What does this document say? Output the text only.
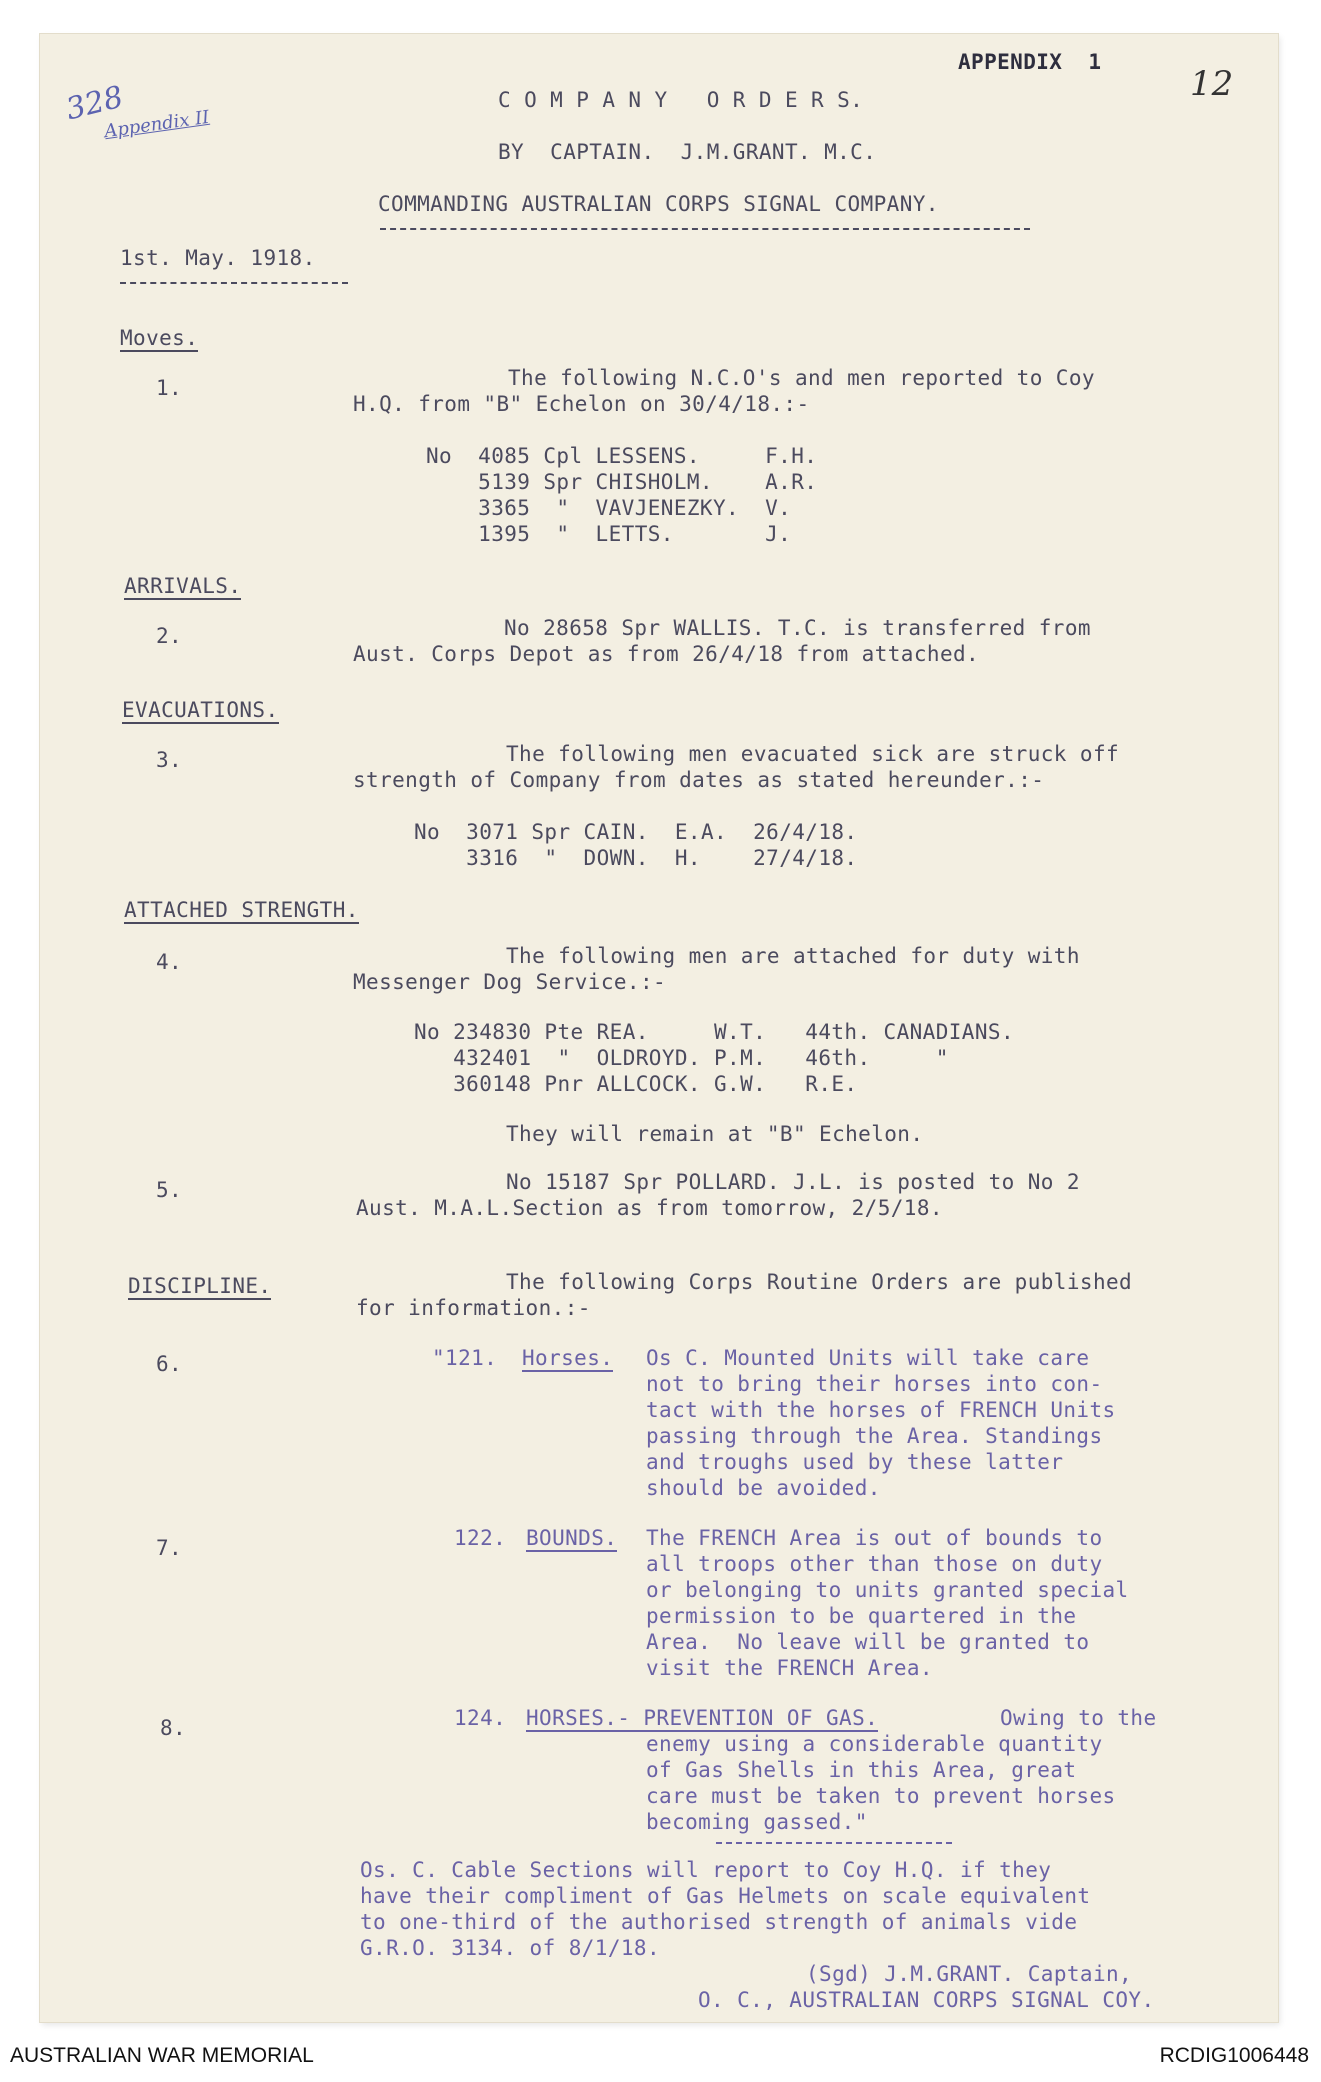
328
Appendix II
12
APPENDIX  1
C O M P A N Y   O R D E R S.
BY  CAPTAIN.  J.M.GRANT. M.C.
COMMANDING AUSTRALIAN CORPS SIGNAL COMPANY.
1st. May. 1918.
Moves.
1.	The following N.C.O's and men reported to Coy
H.Q. from "B" Echelon on 30/4/18.:-
No  4085 Cpl LESSENS.     F.H.
5139 Spr CHISHOLM.    A.R.
3365  "  VAVJENEZKY.  V.
1395  "  LETTS.       J.
ARRIVALS.
2.	No 28658 Spr WALLIS. T.C. is transferred from
Aust. Corps Depot as from 26/4/18 from attached.
EVACUATIONS.
3.	The following men evacuated sick are struck off
strength of Company from dates as stated hereunder.:-
No  3071 Spr CAIN.  E.A.  26/4/18.
3316  "  DOWN.  H.    27/4/18.
ATTACHED STRENGTH.
4.	The following men are attached for duty with
Messenger Dog Service.:-
No 234830 Pte REA.     W.T.   44th. CANADIANS.
432401  "  OLDROYD. P.M.   46th.     "
360148 Pnr ALLCOCK. G.W.   R.E.
They will remain at "B" Echelon.
5.	No 15187 Spr POLLARD. J.L. is posted to No 2
Aust. M.A.L.Section as from tomorrow, 2/5/18.
DISCIPLINE.	The following Corps Routine Orders are published
for information.:-
6.	"121. Horses. Os C. Mounted Units will take care
not to bring their horses into con-
tact with the horses of FRENCH Units
passing through the Area. Standings
and troughs used by these latter
should be avoided.
7.	122. BOUNDS. The FRENCH Area is out of bounds to
all troops other than those on duty
or belonging to units granted special
permission to be quartered in the
Area.  No leave will be granted to
visit the FRENCH Area.
8.	124. HORSES.- PREVENTION OF GAS.	Owing to the
enemy using a considerable quantity
of Gas Shells in this Area, great
care must be taken to prevent horses
becoming gassed."
Os. C. Cable Sections will report to Coy H.Q. if they
have their compliment of Gas Helmets on scale equivalent
to one-third of the authorised strength of animals vide
G.R.O. 3134. of 8/1/18.
(Sgd) J.M.GRANT. Captain,
O. C., AUSTRALIAN CORPS SIGNAL COY.
AUSTRALIAN WAR MEMORIAL	RCDIG1006448
